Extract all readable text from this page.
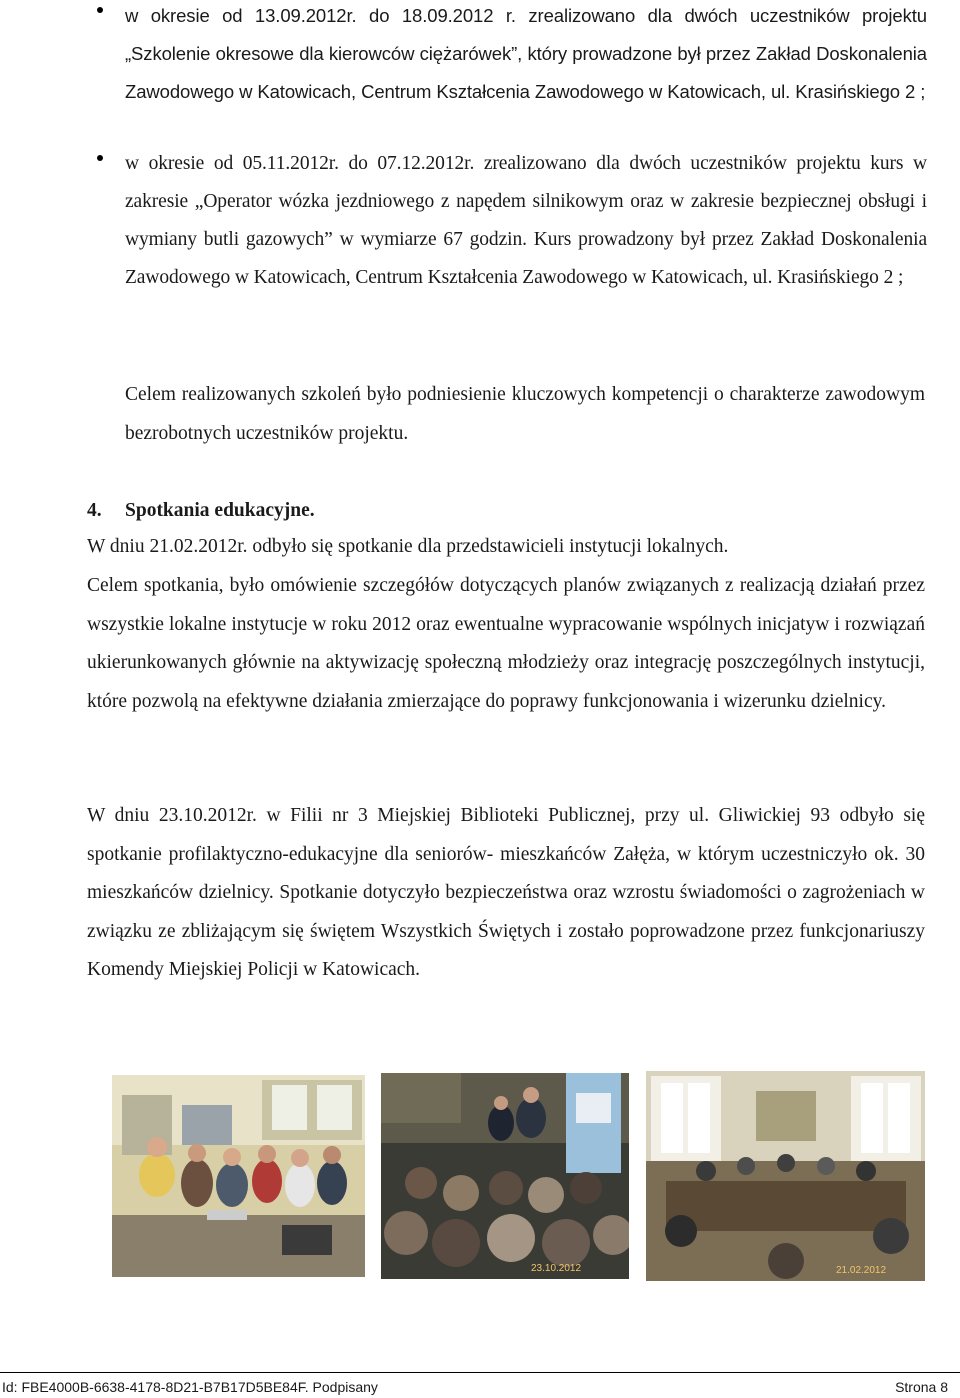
w okresie od 13.09.2012r. do 18.09.2012 r. zrealizowano dla dwóch uczestników projektu „Szkolenie okresowe dla kierowców ciężarówek”, który prowadzone był przez Zakład Doskonalenia Zawodowego w Katowicach, Centrum Kształcenia Zawodowego w Katowicach, ul. Krasińskiego 2 ;
w okresie od 05.11.2012r. do 07.12.2012r. zrealizowano dla dwóch uczestników projektu kurs w zakresie „Operator wózka jezdniowego z napędem silnikowym oraz w zakresie bezpiecznej obsługi i wymiany butli gazowych” w wymiarze 67 godzin. Kurs prowadzony był przez Zakład Doskonalenia Zawodowego w Katowicach, Centrum Kształcenia Zawodowego w Katowicach, ul. Krasińskiego 2 ;
Celem realizowanych szkoleń było podniesienie kluczowych kompetencji o charakterze zawodowym bezrobotnych uczestników projektu.
4. Spotkania edukacyjne.
W dniu 21.02.2012r. odbyło się spotkanie dla przedstawicieli instytucji lokalnych.
Celem spotkania, było omówienie szczegółów dotyczących planów związanych z realizacją działań przez wszystkie lokalne instytucje w roku 2012 oraz ewentualne wypracowanie wspólnych inicjatyw i rozwiązań ukierunkowanych głównie na aktywizację społeczną młodzieży oraz integrację poszczególnych instytucji, które pozwolą na efektywne działania zmierzające do poprawy funkcjonowania i wizerunku dzielnicy.
W dniu 23.10.2012r. w Filii nr 3 Miejskiej Biblioteki Publicznej, przy ul. Gliwickiej 93 odbyło się spotkanie profilaktyczno-edukacyjne dla seniorów- mieszkańców Załęża, w którym uczestniczyło ok. 30 mieszkańców dzielnicy. Spotkanie dotyczyło bezpieczeństwa oraz wzrostu świadomości o zagrożeniach w związku ze zbliżającym się świętem Wszystkich Świętych i zostało poprowadzone przez funkcjonariuszy Komendy Miejskiej Policji w Katowicach.
23.10.2012	21.02.2012
Id: FBE4000B-6638-4178-8D21-B7B17D5BE84F. Podpisany	Strona 8
